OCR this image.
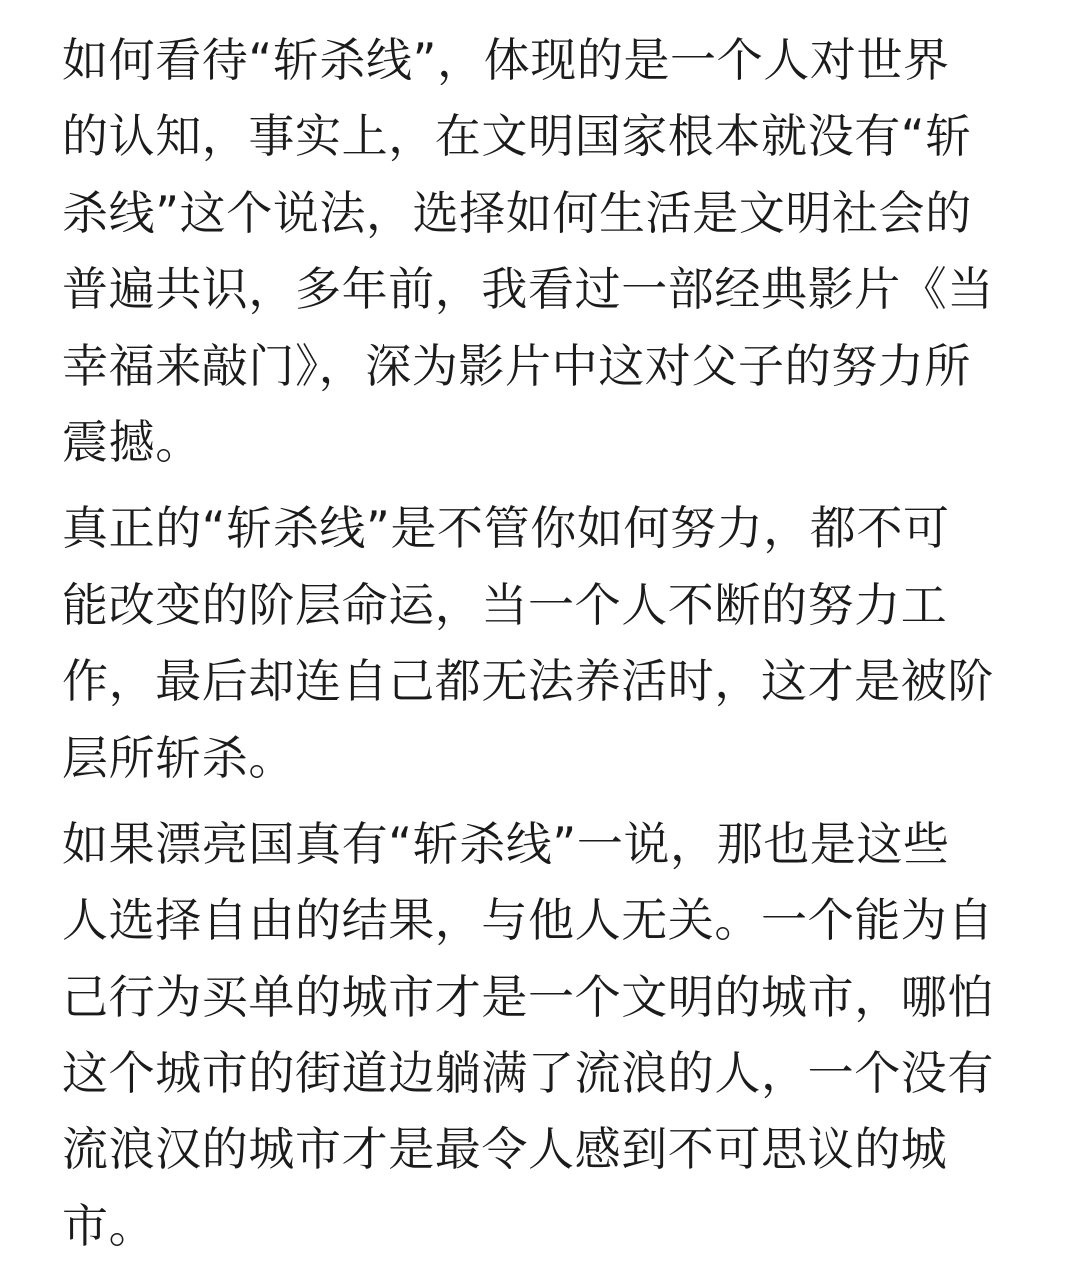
如何看待“斩杀线”，体现的是一个人对世界
的认知，事实上，在文明国家根本就没有“斩
杀线”这个说法，选择如何生活是文明社会的
普遍共识，多年前，我看过一部经典影片《当
幸福来敲门》，深为影片中这对父子的努力所
震撼。
真正的“斩杀线”是不管你如何努力，都不可
能改变的阶层命运，当一个人不断的努力工
作，最后却连自己都无法养活时，这才是被阶
层所斩杀。
如果漂亮国真有“斩杀线”一说，那也是这些
人选择自由的结果，与他人无关。一个能为自
己行为买单的城市才是一个文明的城市，哪怕
这个城市的街道边躺满了流浪的人，一个没有
流浪汉的城市才是最令人感到不可思议的城
市。
